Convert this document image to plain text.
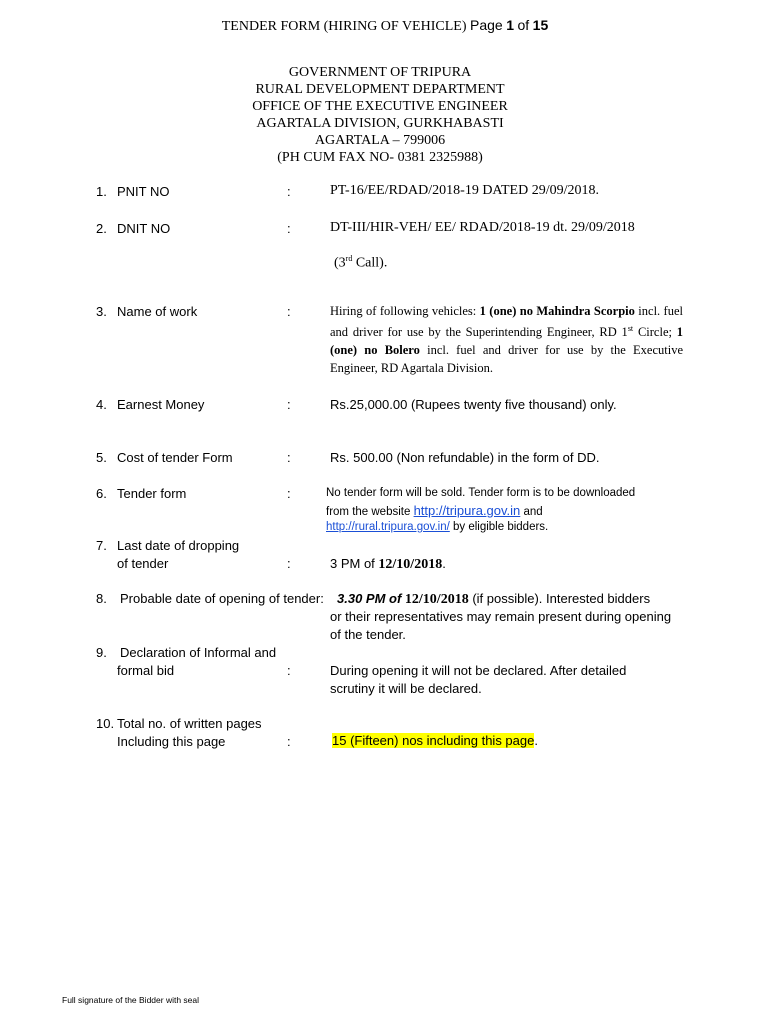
TENDER FORM (HIRING OF VEHICLE) Page 1 of 15
GOVERNMENT OF TRIPURA
RURAL DEVELOPMENT DEPARTMENT
OFFICE OF THE EXECUTIVE ENGINEER
AGARTALA DIVISION, GURKHABASTI
AGARTALA – 799006
(PH CUM FAX NO- 0381 2325988)
1. PNIT NO	:	PT-16/EE/RDAD/2018-19 DATED 29/09/2018.
2. DNIT NO	:	DT-III/HIR-VEH/ EE/ RDAD/2018-19 dt. 29/09/2018
(3rd Call).
3. Name of work	:	Hiring of following vehicles: 1 (one) no Mahindra Scorpio incl. fuel and driver for use by the Superintending Engineer, RD 1st Circle; 1 (one) no Bolero incl. fuel and driver for use by the Executive Engineer, RD Agartala Division.
4. Earnest Money	:	Rs.25,000.00 (Rupees twenty five thousand) only.
5. Cost of tender Form	:	Rs. 500.00 (Non refundable) in the form of DD.
6. Tender form	:	No tender form will be sold. Tender form is to be downloaded
from the website http://tripura.gov.in and
http://rural.tripura.gov.in/ by eligible bidders.
7. Last date of dropping
of tender	:	3 PM of 12/10/2018.
8. Probable date of opening of tender: 3.30 PM of 12/10/2018 (if possible). Interested bidders
or their representatives may remain present during opening
of the tender.
9. Declaration of Informal and
formal bid	:	During opening it will not be declared. After detailed
scrutiny it will be declared.
10. Total no. of written pages
Including this page	:	15 (Fifteen) nos including this page.
Full signature of the Bidder with seal
